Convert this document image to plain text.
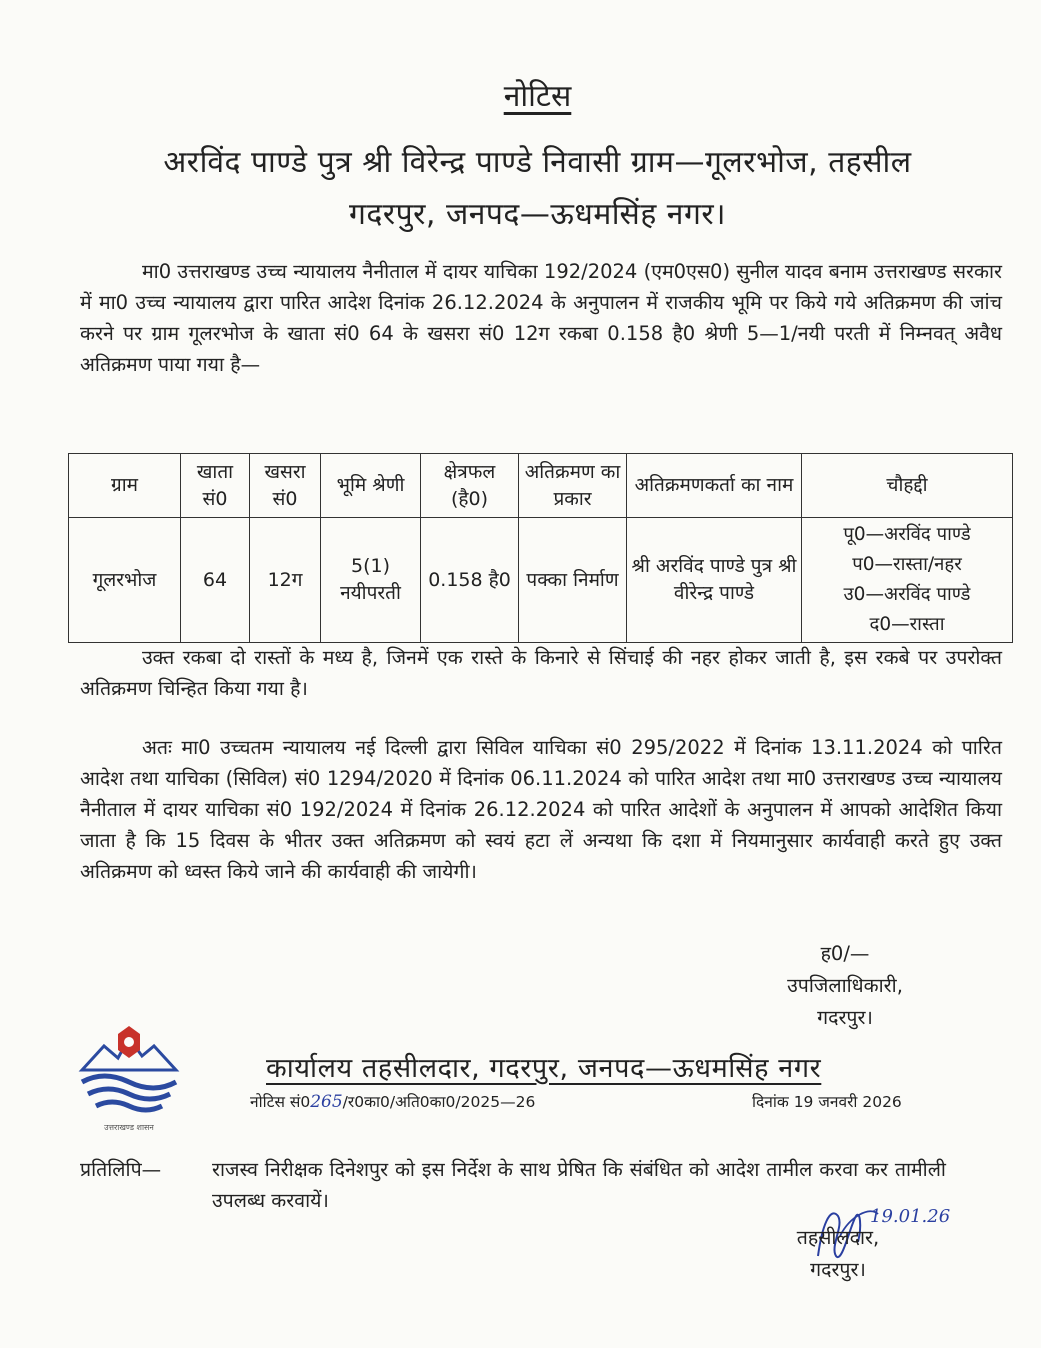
नोटिस
अरविंद पाण्डे पुत्र श्री विरेन्द्र पाण्डे निवासी ग्राम—गूलरभोज, तहसील
गदरपुर, जनपद—ऊधमसिंह नगर।

मा0 उत्तराखण्ड उच्च न्यायालय नैनीताल में दायर याचिका 192/2024 (एम0एस0) सुनील यादव बनाम उत्तराखण्ड सरकार में मा0 उच्च न्यायालय द्वारा पारित आदेश दिनांक 26.12.2024 के अनुपालन में राजकीय भूमि पर किये गये अतिक्रमण की जांच करने पर ग्राम गूलरभोज के खाता सं0 64 के खसरा सं0 12ग रकबा 0.158 है0 श्रेणी 5—1/नयी परती में निम्नवत् अवैध अतिक्रमण पाया गया है—

ग्राम	खाता सं0	खसरा सं0	भूमि श्रेणी	क्षेत्रफल (है0)	अतिक्रमण का प्रकार	अतिक्रमणकर्ता का नाम	चौहद्दी
गूलरभोज	64	12ग	5(1) नयीपरती	0.158 है0	पक्का निर्माण	श्री अरविंद पाण्डे पुत्र श्री वीरेन्द्र पाण्डे	पू0—अरविंद पाण्डे
प0—रास्ता/नहर
उ0—अरविंद पाण्डे
द0—रास्ता

उक्त रकबा दो रास्तों के मध्य है, जिनमें एक रास्ते के किनारे से सिंचाई की नहर होकर जाती है, इस रकबे पर उपरोक्त अतिक्रमण चिन्हित किया गया है।

अतः मा0 उच्चतम न्यायालय नई दिल्ली द्वारा सिविल याचिका सं0 295/2022 में दिनांक 13.11.2024 को पारित आदेश तथा याचिका (सिविल) सं0 1294/2020 में दिनांक 06.11.2024 को पारित आदेश तथा मा0 उत्तराखण्ड उच्च न्यायालय नैनीताल में दायर याचिका सं0 192/2024 में दिनांक 26.12.2024 को पारित आदेशों के अनुपालन में आपको आदेशित किया जाता है कि 15 दिवस के भीतर उक्त अतिक्रमण को स्वयं हटा लें अन्यथा कि दशा में नियमानुसार कार्यवाही करते हुए उक्त अतिक्रमण को ध्वस्त किये जाने की कार्यवाही की जायेगी।

ह0/—
उपजिलाधिकारी,
गदरपुर।
उत्तराखण्ड शासन
कार्यालय तहसीलदार, गदरपुर, जनपद—ऊधमसिंह नगर
नोटिस सं0265/र0का0/अति0का0/2025—26	दिनांक 19 जनवरी 2026
प्रतिलिपि—	राजस्व निरीक्षक दिनेशपुर को इस निर्देश के साथ प्रेषित कि संबंधित को आदेश तामील करवा कर तामीली उपलब्ध करवायें।

19.01.26
तहसीलदार,
गदरपुर।
